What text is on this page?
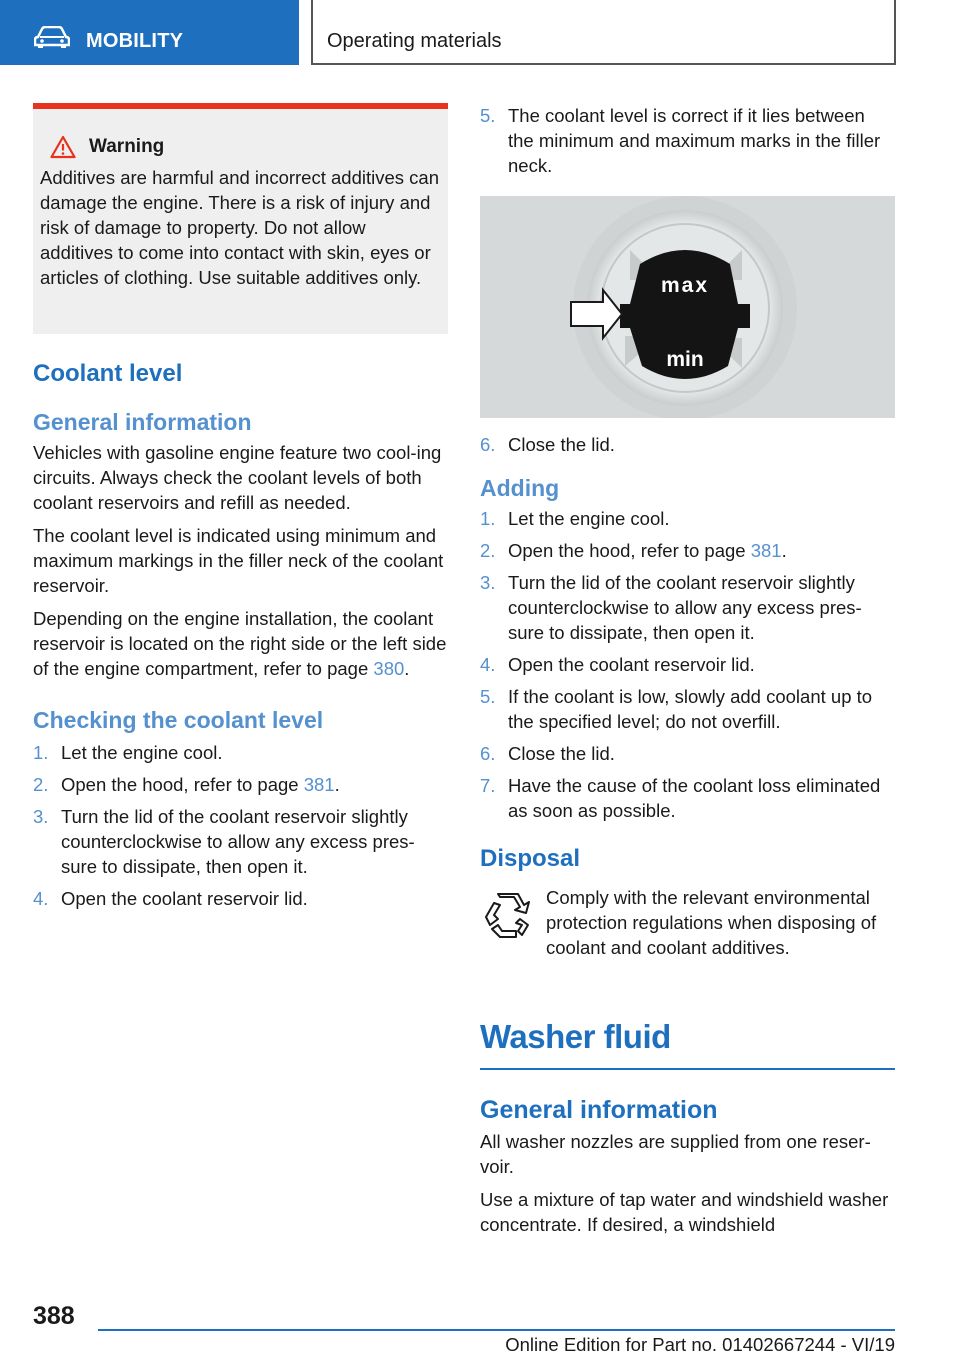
MOBILITY	Operating materials
Warning

Additives are harmful and incorrect additives can damage the engine. There is a risk of injury and risk of damage to property. Do not allow additives to come into contact with skin, eyes or articles of clothing. Use suitable additives only.

Coolant level
General information

Vehicles with gasoline engine feature two cool-ing circuits. Always check the coolant levels of both coolant reservoirs and refill as needed.

The coolant level is indicated using minimum and maximum markings in the filler neck of the coolant reservoir.

Depending on the engine installation, the coolant reservoir is located on the right side or the left side of the engine compartment, refer to page 380.

Checking the coolant level
1. Let the engine cool.
2. Open the hood, refer to page 381.
3. Turn the lid of the coolant reservoir slightly counterclockwise to allow any excess pres-sure to dissipate, then open it.
4. Open the coolant reservoir lid.
5. The coolant level is correct if it lies between the minimum and maximum marks in the filler neck.
max
min
6. Close the lid.
Adding
1. Let the engine cool.
2. Open the hood, refer to page 381.
3. Turn the lid of the coolant reservoir slightly counterclockwise to allow any excess pres-sure to dissipate, then open it.
4. Open the coolant reservoir lid.
5. If the coolant is low, slowly add coolant up to the specified level; do not overfill.
6. Close the lid.
7. Have the cause of the coolant loss eliminated as soon as possible.
Disposal

Comply with the relevant environmental protection regulations when disposing of coolant and coolant additives.

Washer fluid
General information

All washer nozzles are supplied from one reser-voir.

Use a mixture of tap water and windshield washer concentrate. If desired, a windshield

388
Online Edition for Part no. 01402667244 - VI/19
